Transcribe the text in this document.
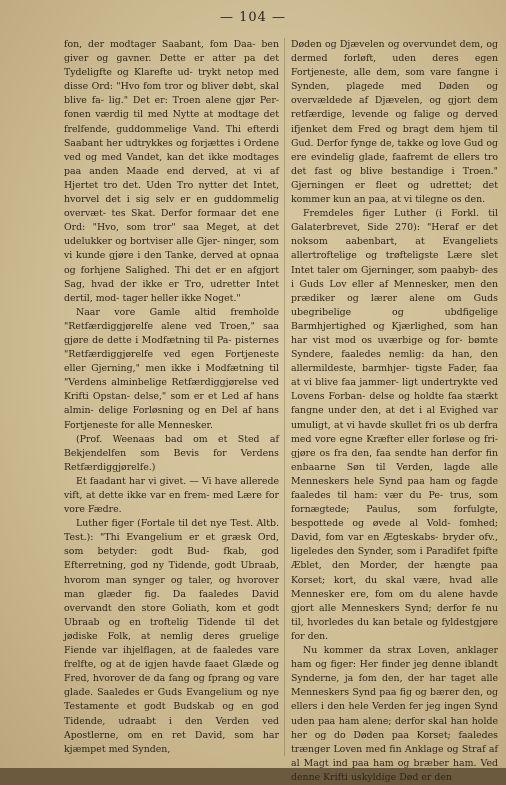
— 104 —

fon, der modtager Saabant, fom Daa- ben giver og gavner. Dette er atter pa det Tydeligfte og Klarefte ud- trykt netop med disse Ord: "Hvo fom tror og bliver døbt, skal blive fa- lig." Det er: Troen alene gjør Per- fonen værdig til med Nytte at modtage det frelfende, guddommelige Vand. Thi efterdi Saabant her udtrykkes og forjættes i Ordene ved og med Vandet, kan det ikke modtages paa anden Maade end derved, at vi af Hjertet tro det. Uden Tro nytter det Intet, hvorvel det i sig selv er en guddommelig overvæt- tes Skat. Derfor formaar det ene Ord: "Hvo, som tror" saa Meget, at det udelukker og bortviser alle Gjer- ninger, som vi kunde gjøre i den Tanke, derved at opnaa og forhjene Salighed. Thi det er en afgjort Sag, hvad der ikke er Tro, udretter Intet dertil, mod- tager heller ikke Noget."

Naar vore Gamle altid fremholde "Retfærdiggjørelfe alene ved Troen," saa gjøre de dette i Modfætning til Pa- pisternes "Retfærdiggjørelfe ved egen Fortjeneste eller Gjerning," men ikke i Modfætning til "Verdens alminbelige Retfærdiggjørelse ved Krifti Opstan- delse," som er et Led af hans almin- delige Forløsning og en Del af hans Fortjeneste for alle Mennesker.

(Prof. Weenaas bad om et Sted af Bekjendelfen som Bevis for Verdens Retfærdiggjørelfe.)

Et faadant har vi givet. — Vi have allerede vift, at dette ikke var en frem- med Lære for vore Fædre.

Luther figer (Fortale til det nye Test. Altb. Test.): "Thi Evangelium er et græsk Ord, som betyder: godt Bud- fkab, god Efterretning, god ny Tidende, godt Ubraab, hvorom man synger og taler, og hvorover man glæder fig. Da faaledes David overvandt den store Goliath, kom et godt Ubraab og en troftelig Tidende til det jødiske Folk, at nemlig deres gruelige Fiende var ihjelflagen, at de faaledes vare frelfte, og at de igjen havde faaet Glæde og Fred, hvorover de da fang og fprang og vare glade. Saaledes er Guds Evangelium og nye Testamente et godt Budskab og en god Tidende, udraabt i den Verden ved Apostlerne, om en ret David, som har kjæmpet med Synden,

Døden og Djævelen og overvundet dem, og dermed forløft, uden deres egen Fortjeneste, alle dem, som vare fangne i Synden, plagede med Døden og overvældede af Djævelen, og gjort dem retfærdige, levende og falige og derved ifjenket dem Fred og bragt dem hjem til Gud. Derfor fynge de, takke og love Gud og ere evindelig glade, faafremt de ellers tro det fast og blive bestandige i Troen." Gjerningen er fleet og udrettet; det kommer kun an paa, at vi tilegne os den.

Fremdeles figer Luther (i Forkl. til Galaterbrevet, Side 270): "Heraf er det noksom aabenbart, at Evangeliets allertroftelige og trøfteligste Lære slet Intet taler om Gjerninger, som paabyb- des i Guds Lov eller af Mennesker, men den prædiker og lærer alene om Guds ubegribelige og ubdfigelige Barmhjertighed og Kjærlighed, som han har vist mod os uværbige og for- bømte Syndere, faaledes nemlig: da han, den allermildeste, barmhjer- tigste Fader, faa at vi blive faa jammer- ligt undertrykte ved Lovens Forban- delse og holdte faa stærkt fangne under den, at det i al Evighed var umuligt, at vi havde skullet fri os ub derfra med vore egne Kræfter eller forløse og fri- gjøre os fra den, faa sendte han derfor fin enbaarne Søn til Verden, lagde alle Menneskers hele Synd paa ham og fagde faaledes til ham: vær du Pe- trus, som fornægtede; Paulus, som forfulgte, bespottede og øvede al Vold- fomhed; David, fom var en Ægteskabs- bryder ofv., ligeledes den Synder, som i Paradifet fpifte Æblet, den Morder, der hængte paa Korset; kort, du skal være, hvad alle Mennesker ere, fom om du alene havde gjort alle Menneskers Synd; derfor fe nu til, hvorledes du kan betale og fyldestgjøre for den.

Nu kommer da strax Loven, anklager ham og figer: Her finder jeg denne iblandt Synderne, ja fom den, der har taget alle Menneskers Synd paa fig og bærer den, og ellers i den hele Verden fer jeg ingen Synd uden paa ham alene; derfor skal han holde her og do Døden paa Korset; faaledes trænger Loven med fin Anklage og Straf af al Magt ind paa ham og bræber ham. Ved denne Krifti uskyldige Død er den
